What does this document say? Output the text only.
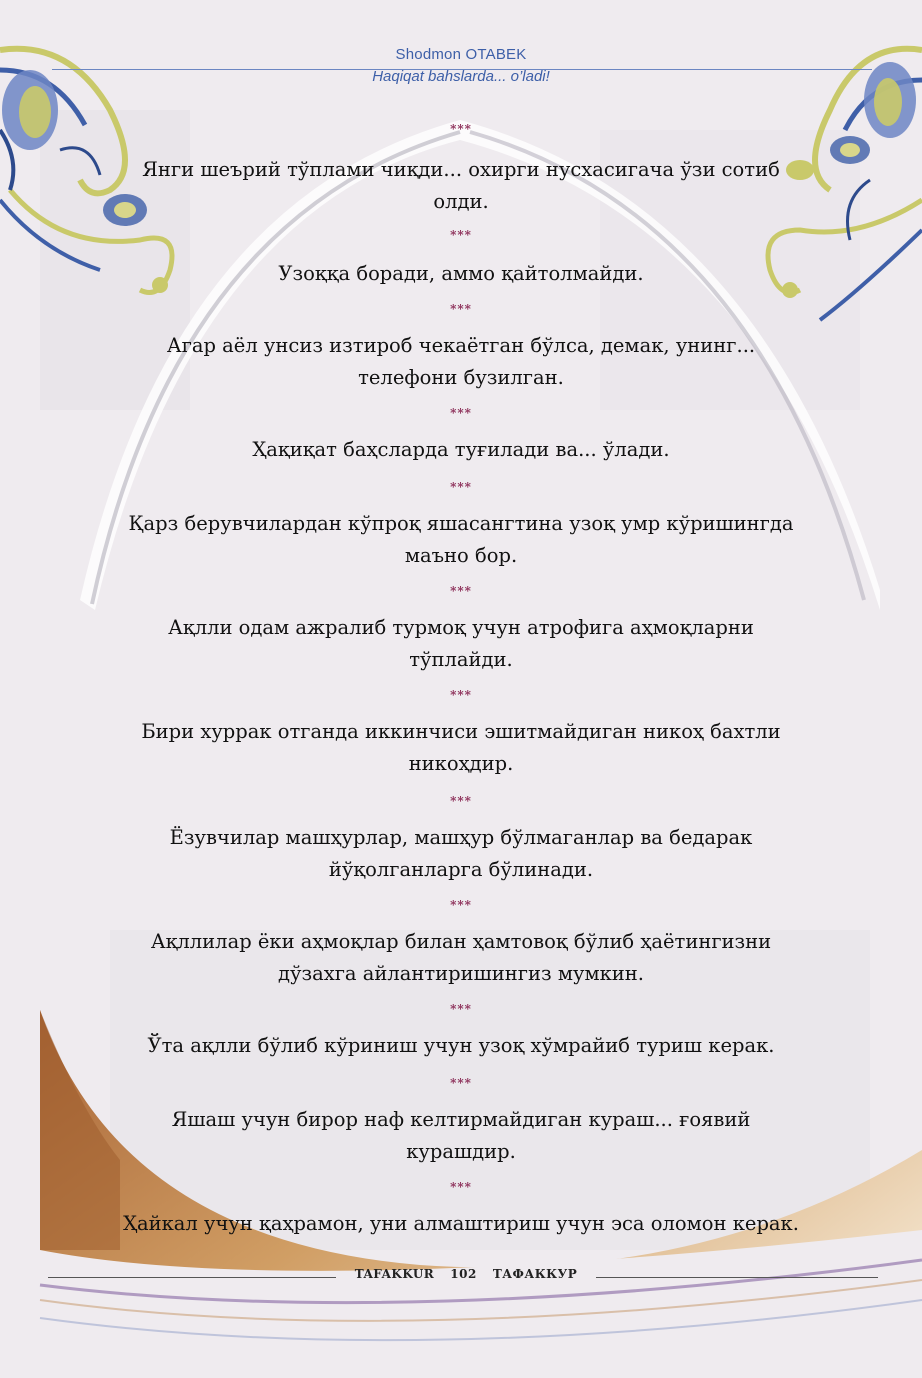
Shodmon OTABEK
Haqiqat bahslarda... o’ladi!
***
Янги шеърий тўплами чиқди... охирги нусхасигача ўзи сотиб
олди.
***
Узоққа боради, аммо қайтолмайди.
***
Агар аёл унсиз изтироб чекаётган бўлса, демак, унинг...
телефони бузилган.
***
Ҳақиқат баҳсларда туғилади ва... ўлади.
***
Қарз берувчилардан кўпроқ яшасангтина узоқ умр кўришингда
маъно бор.
***
Ақлли одам ажралиб турмоқ учун атрофига аҳмоқларни
тўплайди.
***
Бири хуррак отганда иккинчиси эшитмайдиган никоҳ бахтли
никоҳдир.
***
Ёзувчилар машҳурлар, машҳур бўлмаганлар ва бедарак
йўқолганларга бўлинади.
***
Ақллилар ёки аҳмоқлар билан ҳамтовоқ бўлиб ҳаётингизни
дўзахга айлантиришингиз мумкин.
***
Ўта ақлли бўлиб кўриниш учун узоқ хўмрайиб туриш керак.
***
Яшаш учун бирор наф келтирмайдиган кураш... ғоявий
курашдир.
***
Ҳайкал учун қаҳрамон, уни алмаштириш учун эса оломон керак.
TAFAKKUR 102 ТАФАККУР
